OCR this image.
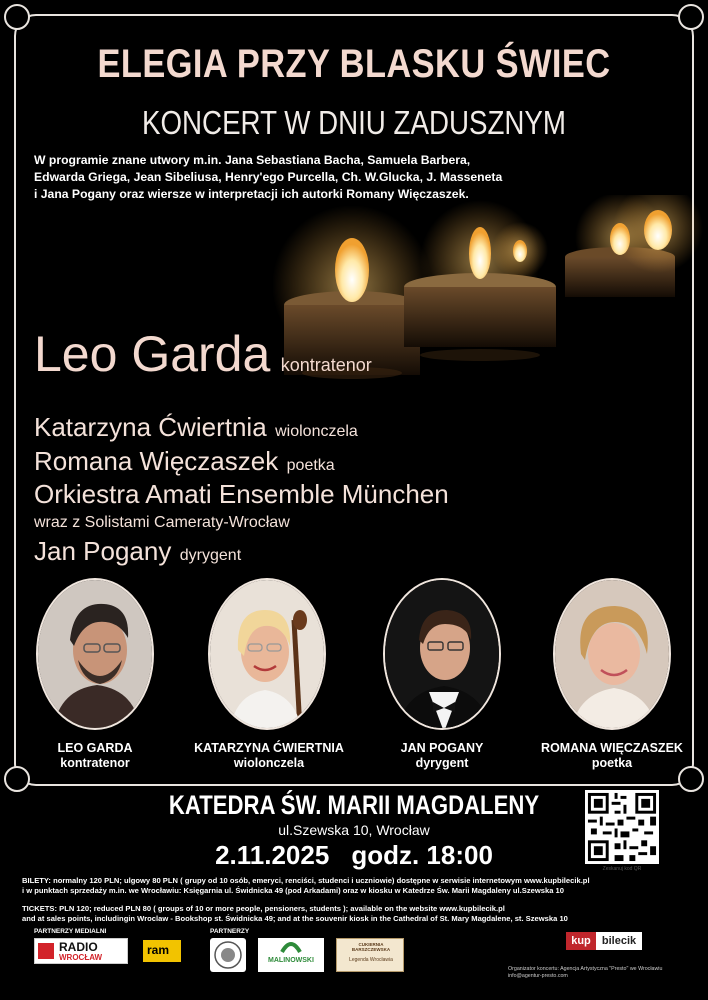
ELEGIA PRZY BLASKU ŚWIEC
KONCERT W DNIU ZADUSZNYM
W programie znane utwory m.in. Jana Sebastiana Bacha, Samuela Barbera,
Edwarda Griega, Jean Sibeliusa, Henry'ego Purcella, Ch. W.Glucka, J. Masseneta
i Jana Pogany oraz wiersze w interpretacji ich autorki Romany Więczaszek.
Leo Garda kontratenor
Katarzyna Ćwiertnia wiolonczela
Romana Więczaszek poetka
Orkiestra Amati Ensemble München
wraz z Solistami Cameraty-Wrocław
Jan Pogany dyrygent
LEO GARDA
kontratenor
KATARZYNA ĆWIERTNIA
wiolonczela
JAN POGANY
dyrygent
ROMANA WIĘCZASZEK
poetka
KATEDRA ŚW. MARII MAGDALENY
ul.Szewska 10, Wrocław
2.11.2025 godz. 18:00	Zeskanuj kod QR
BILETY: normalny 120 PLN; ulgowy 80 PLN ( grupy od 10 osób, emeryci, renciści, studenci i uczniowie) dostępne w serwisie internetowym www.kupbilecik.pl
i w punktach sprzedaży m.in. we Wrocławiu: Księgarnia ul. Świdnicka 49 (pod Arkadami) oraz w kiosku w Katedrze Św. Marii Magdaleny ul.Szewska 10
TICKETS: PLN 120; reduced PLN 80 ( groups of 10 or more people, pensioners, students ); available on the website www.kupbilecik.pl
and at sales points, includingin Wroclaw - Bookshop st. Świdnicka 49; and at the souvenir kiosk in the Cathedral of St. Mary Magdalene, st. Szewska 10
PARTNERZY MEDIALNI	PARTNERZY
RADIO
WROCŁAW
ram
MALINOWSKI
CUKIERNIA BARSZCZEWSKA
Legenda Wrocławia
kup	bilecik
Organizator koncertu: Agencja Artystyczna "Presto" we Wrocławiu
info@agentur-presto.com
